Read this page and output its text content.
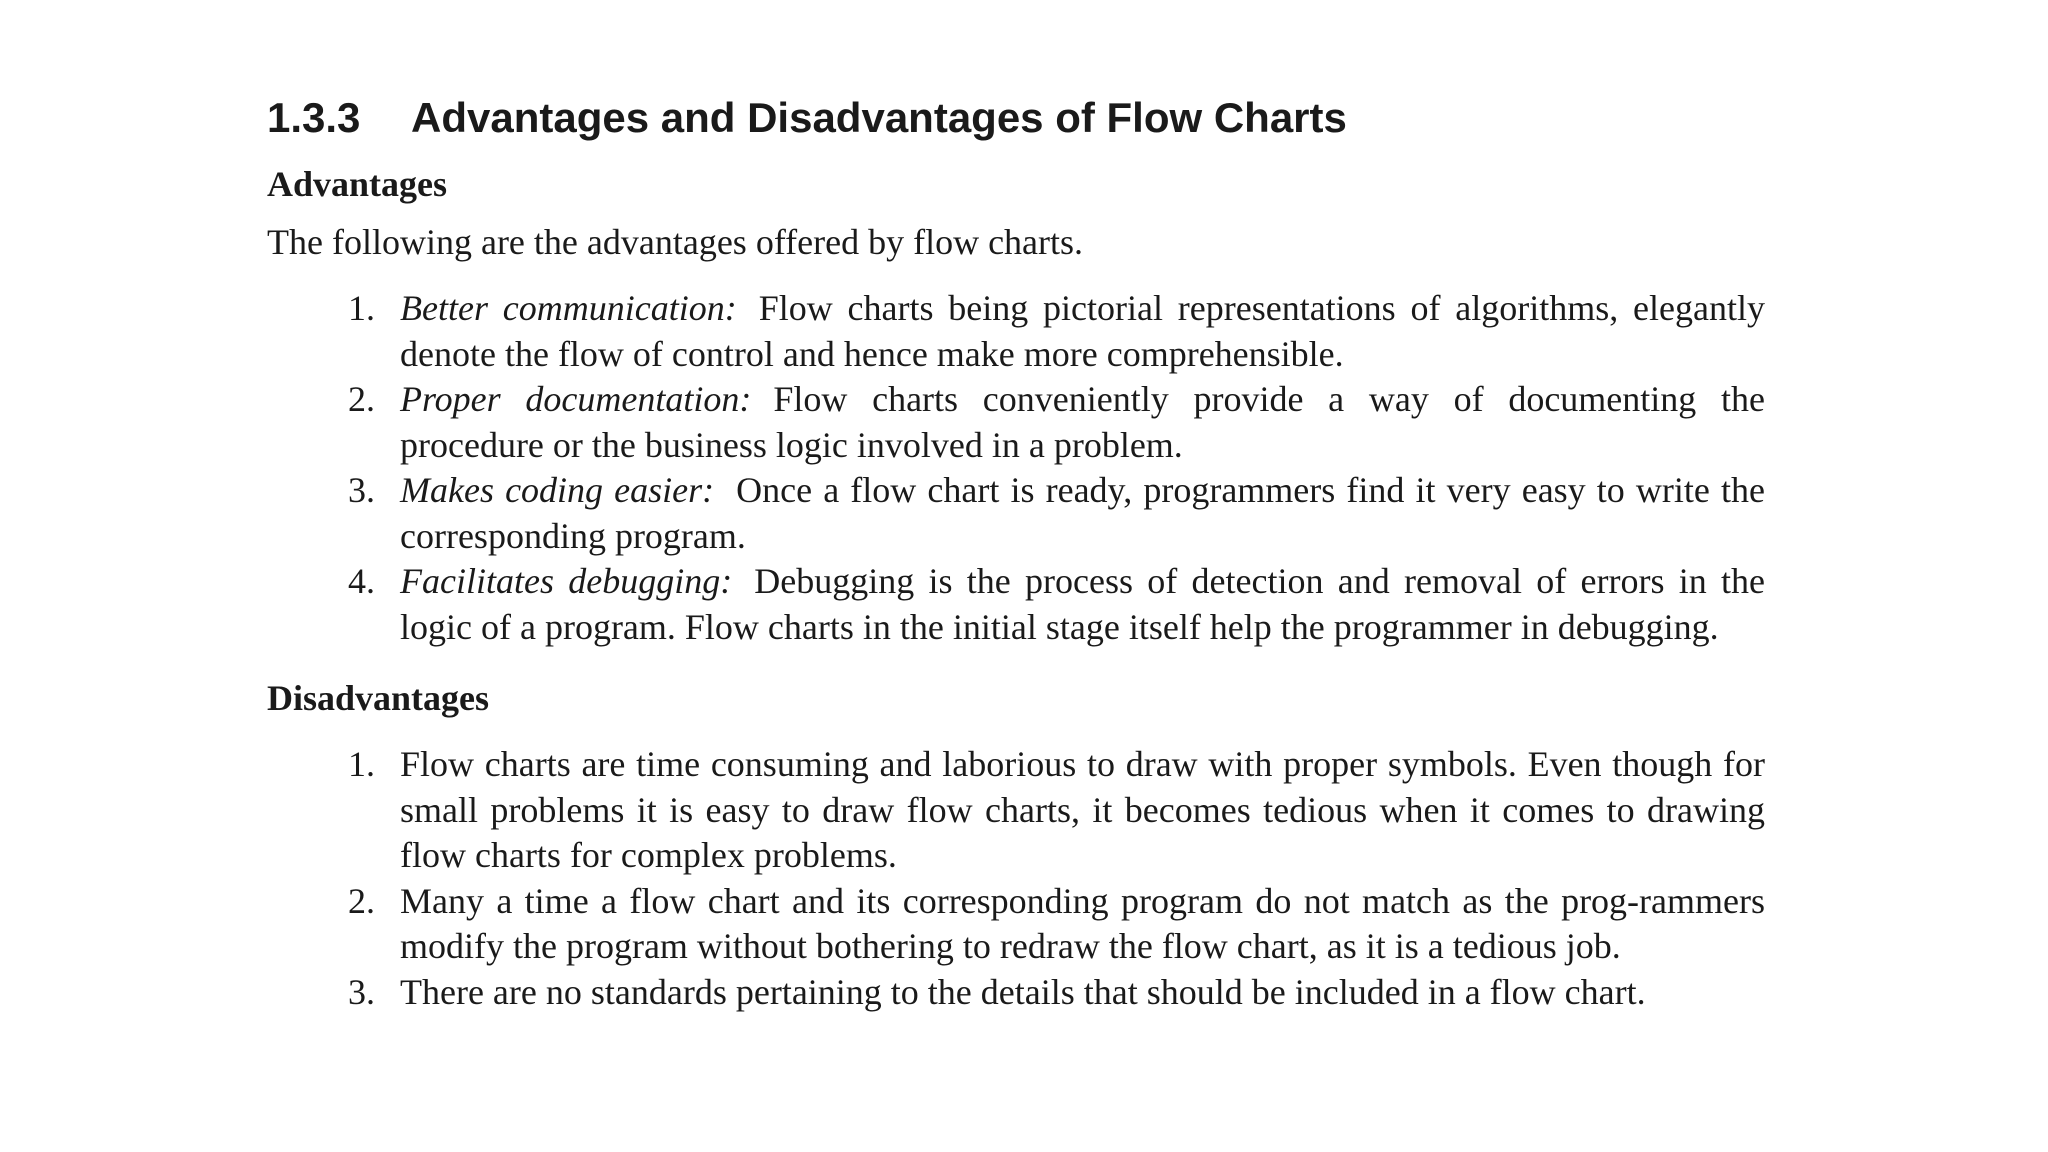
1.3.3 Advantages and Disadvantages of Flow Charts
Advantages

The following are the advantages offered by flow charts.

1. Better communication: Flow charts being pictorial representations of algorithms, elegantly denote the flow of control and hence make more comprehensible.
2. Proper documentation: Flow charts conveniently provide a way of documenting the procedure or the business logic involved in a problem.
3. Makes coding easier: Once a flow chart is ready, programmers find it very easy to write the corresponding program.
4. Facilitates debugging: Debugging is the process of detection and removal of errors in the logic of a program. Flow charts in the initial stage itself help the programmer in debugging.
Disadvantages
1. Flow charts are time consuming and laborious to draw with proper symbols. Even though for small problems it is easy to draw flow charts, it becomes tedious when it comes to drawing flow charts for complex problems.
2. Many a time a flow chart and its corresponding program do not match as the prog-rammers modify the program without bothering to redraw the flow chart, as it is a tedious job.
3. There are no standards pertaining to the details that should be included in a flow chart.
